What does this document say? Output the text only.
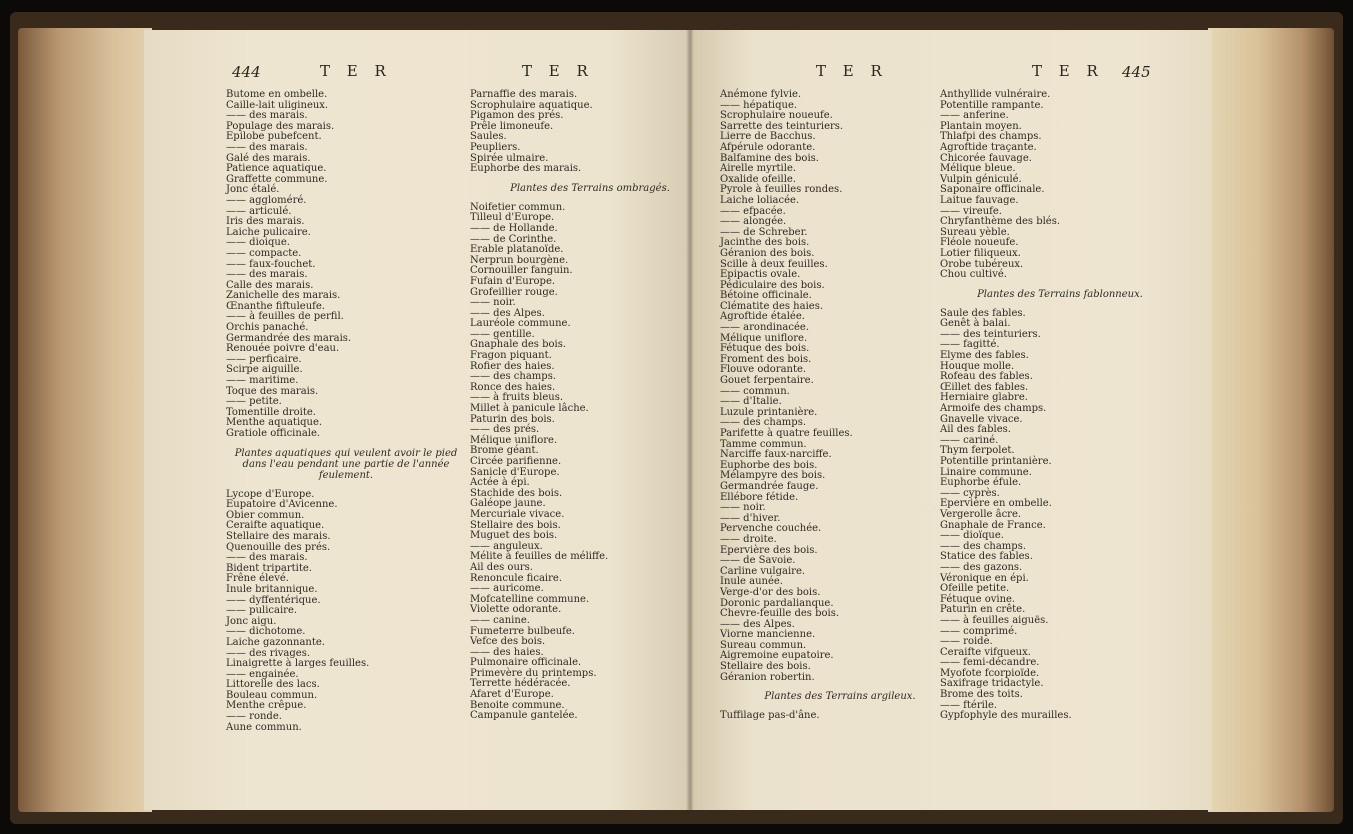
444	T E R	T E R
Butome en ombelle.
Caille-lait uligineux.
—— des marais.
Populage des marais.
Epilobe pubefcent.
—— des marais.
Galé des marais.
Patience aquatique.
Graffette commune.
Jonc étalé.
—— aggloméré.
—— articulé.
Iris des marais.
Laiche pulicaire.
—— dioique.
—— compacte.
—— faux-fouchet.
—— des marais.
Calle des marais.
Zanichelle des marais.
Œnanthe fiftuleufe.
—— à feuilles de perfil.
Orchis panaché.
Germandrée des marais.
Renouée poivre d'eau.
—— perficaire.
Scirpe aiguille.
—— maritime.
Toque des marais.
—— petite.
Tomentille droite.
Menthe aquatique.
Gratiole officinale.
Plantes aquatiques qui veulent avoir le pied dans l'eau pendant une partie de l'année feulement.
Lycope d'Europe.
Eupatoire d'Avicenne.
Obier commun.
Ceraifte aquatique.
Stellaire des marais.
Quenouille des prés.
—— des marais.
Bident tripartite.
Frêne élevé.
Inule britannique.
—— dyffentérique.
—— pulicaire.
Jonc aigu.
—— dichotome.
Laiche gazonnante.
—— des rivages.
Linaigrette à larges feuilles.
—— engainée.
Littorelle des lacs.
Bouleau commun.
Menthe crêpue.
—— ronde.
Aune commun.
Parnaffie des marais.
Scrophulaire aquatique.
Pigamon des prés.
Prêle limoneufe.
Saules.
Peupliers.
Spirée ulmaire.
Euphorbe des marais.
Plantes des Terrains ombragés.
Noifetier commun.
Tilleul d'Europe.
—— de Hollande.
—— de Corinthe.
Erable platanoïde.
Nerprun bourgène.
Cornouiller fanguin.
Fufain d'Europe.
Grofeillier rouge.
—— noir.
—— des Alpes.
Lauréole commune.
—— gentille.
Gnaphale des bois.
Fragon piquant.
Rofier des haies.
—— des champs.
Ronce des haies.
—— à fruits bleus.
Millet à panicule lâche.
Paturin des bois.
—— des prés.
Mélique uniflore.
Brome géant.
Circée parifienne.
Sanicle d'Europe.
Actée à épi.
Stachide des bois.
Galéope jaune.
Mercuriale vivace.
Stellaire des bois.
Muguet des bois.
—— anguleux.
Mélite à feuilles de méliffe.
Ail des ours.
Renoncule ficaire.
—— auricome.
Mofcatelline commune.
Violette odorante.
—— canine.
Fumeterre bulbeufe.
Vefce des bois.
—— des haies.
Pulmonaire officinale.
Primevère du printemps.
Terrette hédéracée.
Afaret d'Europe.
Benoite commune.
Campanule gantelée.
T E R	T E R 445
Anémone fylvie.
—— hépatique.
Scrophulaire noueufe.
Sarrette des teinturiers.
Lierre de Bacchus.
Afpérule odorante.
Balfamine des bois.
Airelle myrtile.
Oxalide ofeille.
Pyrole à feuilles rondes.
Laiche loliacée.
—— efpacée.
—— alongée.
—— de Schreber.
Jacinthe des bois.
Géranion des bois.
Scille à deux feuilles.
Epipactis ovale.
Pédiculaire des bois.
Bétoine officinale.
Clématite des haies.
Agroftide étalée.
—— arondinacée.
Mélique uniflore.
Fétuque des bois.
Froment des bois.
Flouve odorante.
Gouet ferpentaire.
—— commun.
—— d'Italie.
Luzule printanière.
—— des champs.
Parifette à quatre feuilles.
Tamme commun.
Narciffe faux-narciffe.
Euphorbe des bois.
Mélampyre des bois.
Germandrée fauge.
Ellébore fétide.
—— noir.
—— d'hiver.
Pervenche couchée.
—— droite.
Epervière des bois.
—— de Savoie.
Carline vulgaire.
Inule aunée.
Verge-d'or des bois.
Doronic pardalianque.
Chevre-feuille des bois.
—— des Alpes.
Viorne mancienne.
Sureau commun.
Aigremoine eupatoire.
Stellaire des bois.
Géranion robertin.
Plantes des Terrains argileux.
Tuffilage pas-d'âne.
Anthyllide vulnéraire.
Potentille rampante.
—— anferine.
Plantain moyen.
Thlafpi des champs.
Agroftide traçante.
Chicorée fauvage.
Mélique bleue.
Vulpin géniculé.
Saponaire officinale.
Laitue fauvage.
—— vireufe.
Chryfanthème des blés.
Sureau yèble.
Fléole noueufe.
Lotier filiqueux.
Orobe tubéreux.
Chou cultivé.
Plantes des Terrains fablonneux.
Saule des fables.
Genêt à balai.
—— des teinturiers.
—— fagitté.
Elyme des fables.
Houque molle.
Rofeau des fables.
Œillet des fables.
Herniaire glabre.
Armoife des champs.
Gnavelle vivace.
Ail des fables.
—— cariné.
Thym ferpolet.
Potentille printanière.
Linaire commune.
Euphorbe éfule.
—— cyprès.
Epervière en ombelle.
Vergerolle âcre.
Gnaphale de France.
—— dioïque.
—— des champs.
Statice des fables.
—— des gazons.
Véronique en épi.
Ofeille petite.
Fétuque ovine.
Paturin en crête.
—— à feuilles aiguës.
—— comprimé.
—— roide.
Ceraifte vifqueux.
—— femi-décandre.
Myofote fcorpioïde.
Saxifrage tridactyle.
Brome des toits.
—— ftérile.
Gypfophyle des murailles.
